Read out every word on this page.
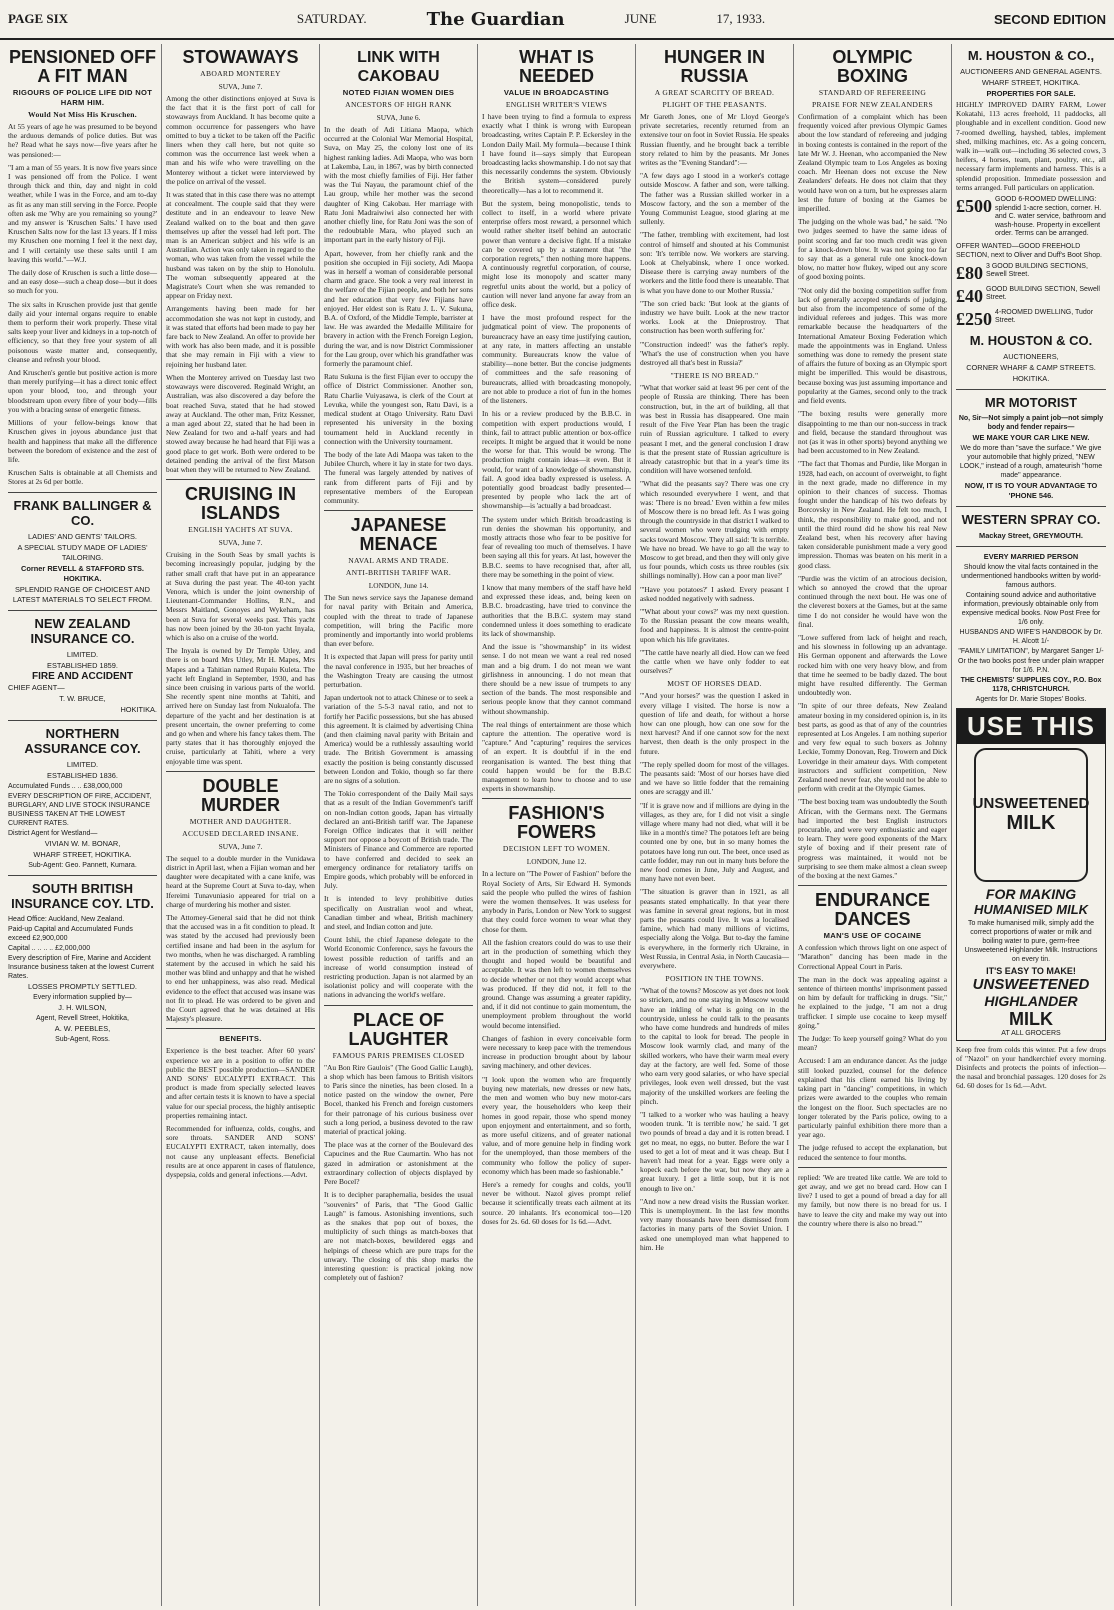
PAGE SIX	SATURDAY.	The Guardian	JUNE	17, 1933.	SECOND EDITION
PENSIONED OFF A FIT MAN
RIGOURS OF POLICE LIFE DID NOT HARM HIM.
Would Not Miss His Kruschen.

At 55 years of age he was presumed to be beyond the arduous demands of police duties. But was he? Read what he says now—five years after he was pensioned:—

"I am a man of 55 years. It is now five years since I was pensioned off from the Police. I went through thick and thin, day and night in cold weather, while I was in the Force, and am to-day as fit as any man still serving in the Force. People often ask me 'Why are you remaining so young?' and my answer is 'Kruschen Salts.' I have used Kruschen Salts now for the last 13 years. If I miss my Kruschen one morning I feel it the next day, and I will certainly use these salts until I am leaving this world."—W.J.

The daily dose of Kruschen is such a little dose—and an easy dose—such a cheap dose—but it does so much for you.

The six salts in Kruschen provide just that gentle daily aid your internal organs require to enable them to perform their work properly. These vital salts keep your liver and kidneys in a top-notch of efficiency, so that they free your system of all poisonous waste matter and, consequently, cleanse and refresh your blood.

And Kruschen's gentle but positive action is more than merely purifying—it has a direct tonic effect upon your blood, too, and through your bloodstream upon every fibre of your body—fills you with a bracing sense of energetic fitness.

Millions of your fellow-beings know that Kruschen gives in joyous abundance just that health and happiness that make all the difference between the boredom of existence and the zest of life.

Kruschen Salts is obtainable at all Chemists and Stores at 2s 6d per bottle.

FRANK BALLINGER & CO.
LADIES' AND GENTS' TAILORS.
A SPECIAL STUDY MADE OF LADIES' TAILORING.
Corner REVELL & STAFFORD STS. HOKITIKA.
SPLENDID RANGE OF CHOICEST AND LATEST MATERIALS TO SELECT FROM.
NEW ZEALAND INSURANCE CO.
LIMITED.
ESTABLISHED 1859.
FIRE AND ACCIDENT
CHIEF AGENT—
T. W. BRUCE,
HOKITIKA.
NORTHERN ASSURANCE COY.
LIMITED.
ESTABLISHED 1836.
Accumulated Funds .. .. £38,000,000
EVERY DESCRIPTION OF FIRE, ACCIDENT, BURGLARY, AND LIVE STOCK INSURANCE BUSINESS TAKEN AT THE LOWEST CURRENT RATES.
District Agent for Westland—
VIVIAN W. M. BONAR,
WHARF STREET, HOKITIKA.
Sub-Agent: Geo. Pannett, Kumara.
SOUTH BRITISH INSURANCE COY. LTD.
Head Office: Auckland, New Zealand.
Paid-up Capital and Accumulated Funds exceed £2,900,000
Capital .. .. .. .. £2,000,000
Every description of Fire, Marine and Accident Insurance business taken at the lowest Current Rates.
LOSSES PROMPTLY SETTLED.
Every information supplied by—
J. H. WILSON,
Agent, Revell Street, Hokitika,
A. W. PEEBLES,
Sub-Agent, Ross.
STOWAWAYS
ABOARD MONTEREY
SUVA, June 7.

Among the other distinctions enjoyed at Suva is the fact that it is the first port of call for stowaways from Auckland. It has become quite a common occurrence for passengers who have omitted to buy a ticket to be taken off the Pacific liners when they call here, but not quite so common was the occurrence last week when a man and his wife who were travelling on the Monterey without a ticket were interviewed by the police on arrival of the vessel.

It was stated that in this case there was no attempt at concealment. The couple said that they were destitute and in an endeavour to leave New Zealand walked on to the boat and then gave themselves up after the vessel had left port. The man is an American subject and his wife is an Australian. Action was only taken in regard to the woman, who was taken from the vessel while the husband was taken on by the ship to Honolulu. The woman subsequently appeared at the Magistrate's Court when she was remanded to appear on Friday next.

Arrangements having been made for her accommodation she was not kept in custody, and it was stated that efforts had been made to pay her fare back to New Zealand. An offer to provide her with work has also been made, and it is possible that she may remain in Fiji with a view to rejoining her husband later.

When the Monterey arrived on Tuesday last two stowaways were discovered. Reginald Wright, an Australian, was also discovered a day before the boat reached Suva, stated that he had stowed away at Auckland. The other man, Fritz Kessner, a man aged about 22, stated that he had been in New Zealand for two and a-half years and had stowed away because he had heard that Fiji was a good place to get work. Both were ordered to be detained pending the arrival of the first Matson boat when they will be returned to New Zealand.

CRUISING IN ISLANDS
ENGLISH YACHTS AT SUVA.
SUVA, June 7.

Cruising in the South Seas by small yachts is becoming increasingly popular, judging by the rather small craft that have put in an appearance at Suva during the past year. The 40-ton yacht Venora, which is under the joint ownership of Lieutenant-Commander Hollins, R.N., and Messrs Maitland, Gonoyes and Wykeham, has been at Suva for several weeks past. This yacht has now been joined by the 30-ton yacht Inyala, which is also on a cruise of the world.

The Inyala is owned by Dr Temple Utley, and there is on board Mrs Utley, Mr H. Mapes, Mrs Mapes and a Tahitian named Rupaiu Kuleta. The yacht left England in September, 1930, and has since been cruising in various parts of the world. She recently spent nine months at Tahiti, and arrived here on Sunday last from Nukualofa. The departure of the yacht and her destination is at present uncertain, the owner preferring to come and go when and where his fancy takes them. The party states that it has thoroughly enjoyed the cruise, particularly at Tahiti, where a very enjoyable time was spent.

DOUBLE MURDER
MOTHER AND DAUGHTER.
ACCUSED DECLARED INSANE.
SUVA, June 7.

The sequel to a double murder in the Vunidawa district in April last, when a Fijian woman and her daughter were decapitated with a cane knife, was heard at the Supreme Court at Suva to-day, when Ifereimi Tunavuniasio appeared for trial on a charge of murdering his mother and sister.

The Attorney-General said that he did not think that the accused was in a fit condition to plead. It was stated by the accused had previously been certified insane and had been in the asylum for two months, when he was discharged. A rambling statement by the accused in which he said his mother was blind and unhappy and that he wished to end her unhappiness, was also read. Medical evidence to the effect that accused was insane was not fit to plead. He was ordered to be given and the Court agreed that he was detained at His Majesty's pleasure.

BENEFITS.

Experience is the best teacher. After 60 years' experience we are in a position to offer to the public the BEST possible production—SANDER AND SONS' EUCALYPTI EXTRACT. This product is made from specially selected leaves and after certain tests it is known to have a special value for our special process, the highly antiseptic properties remaining intact.

Recommended for influenza, colds, coughs, and sore throats. SANDER AND SONS' EUCALYPTI EXTRACT, taken internally, does not cause any unpleasant effects. Beneficial results are at once apparent in cases of flatulence, dyspepsia, colds and general infections.—Advt.

LINK WITH CAKOBAU
NOTED FIJIAN WOMEN DIES
ANCESTORS OF HIGH RANK
SUVA, June 6.

In the death of Adi Litiana Maopa, which occurred at the Colonial War Memorial Hospital, Suva, on May 25, the colony lost one of its highest ranking ladies. Adi Maopa, who was born at Lakemba, Lau, in 1867, was by birth connected with the most chiefly families of Fiji. Her father was the Tui Nayau, the paramount chief of the Lau group, while her mother was the second daughter of King Cakobau. Her marriage with Ratu Joni Madraiwiwi also connected her with another chiefly line, for Ratu Joni was the son of the redoubtable Mara, who played such an important part in the early history of Fiji.

Apart, however, from her chiefly rank and the position she occupied in Fiji society, Adi Maopa was in herself a woman of considerable personal charm and grace. She took a very real interest in the welfare of the Fijian people, and both her sons and her education that very few Fijians have enjoyed. Her eldest son is Ratu J. L. V. Sukuna, B.A. of Oxford, of the Middle Temple, barrister at law. He was awarded the Medaille Militaire for bravery in action with the French Foreign Legion, during the war, and is now District Commissioner for the Lau group, over which his grandfather was formerly the paramount chief.

Ratu Sukuna is the first Fijian ever to occupy the office of District Commissioner. Another son, Ratu Charlie Vuiyasawa, is clerk of the Court at Levuka, while the youngest son, Ratu Davi, is a medical student at Otago University. Ratu Davi represented his university in the boxing tournament held in Auckland recently in connection with the University tournament.

The body of the late Adi Maopa was taken to the Jubilee Church, where it lay in state for two days. The funeral was largely attended by natives of rank from different parts of Fiji and by representative members of the European community.

JAPANESE MENACE
NAVAL ARMS AND TRADE.
ANTI-BRITISH TARIFF WAR.
LONDON, June 14.

The Sun news service says the Japanese demand for naval parity with Britain and America, coupled with the threat to trade of Japanese competition, will bring the Pacific more prominently and importantly into world problems than ever before.

It is expected that Japan will press for parity until the naval conference in 1935, but her breaches of the Washington Treaty are causing the utmost perturbation.

Japan undertook not to attack Chinese or to seek a variation of the 5-5-3 naval ratio, and not to fortify her Pacific possessions, but she has abused this agreement. It is claimed by advertising China (and then claiming naval parity with Britain and America) would be a ruthlessly assaulting world trade. The British Government is amassing exactly the position is being constantly discussed between London and Tokio, though so far there are no signs of a solution.

The Tokio correspondent of the Daily Mail says that as a result of the Indian Government's tariff on non-Indian cotton goods, Japan has virtually declared an anti-British tariff war. The Japanese Foreign Office indicates that it will neither support nor oppose a boycott of British trade. The Ministers of Finance and Commerce are reported to have conferred and decided to seek an emergency ordinance for retaliatory tariffs on Empire goods, which probably will be enforced in July.

It is intended to levy prohibitive duties specifically on Australian wool and wheat, Canadian timber and wheat, British machinery and steel, and Indian cotton and jute.

Count Ishii, the chief Japanese delegate to the World Economic Conference, says he favours the lowest possible reduction of tariffs and an increase of world consumption instead of restricting production. Japan is not alarmed by an isolationist policy and will cooperate with the nations in advancing the world's welfare.

PLACE OF LAUGHTER
FAMOUS PARIS PREMISES CLOSED

"Au Bon Rire Gaulois" (The Good Gallic Laugh), a shop which has been famous to British visitors to Paris since the nineties, has been closed. In a notice pasted on the window the owner, Pere Bocel, thanked his French and foreign customers for their patronage of his curious business over such a long period, a business devoted to the raw material of practical joking.

The place was at the corner of the Boulevard des Capucines and the Rue Caumartin. Who has not gazed in admiration or astonishment at the extraordinary collection of objects displayed by Pere Bocel?

It is to decipher paraphernalia, besides the usual "souvenirs" of Paris, that "The Good Gallic Laugh" is famous. Astonishing inventions, such as the snakes that pop out of boxes, the multiplicity of such things as match-boxes that are not match-boxes, bewildered eggs and helpings of cheese which are pure traps for the unwary. The closing of this shop marks the interesting question: is practical joking now completely out of fashion?

WHAT IS NEEDED
VALUE IN BROADCASTING
ENGLISH WRITER'S VIEWS

I have been trying to find a formula to express exactly what I think is wrong with European broadcasting, writes Captain P. P. Eckersley in the London Daily Mail. My formula—because I think I have found it—says simply that European broadcasting lacks showmanship. I do not say that this necessarily condemns the system. Obviously the British system—considered purely theoretically—has a lot to recommend it.

But the system, being monopolistic, tends to collect to itself, in a world where private enterprise offers most reward, a personnel which would rather shelter itself behind an autocratic power than venture a decisive fight. If a mistake can be covered up by a statement that "the corporation regrets," then nothing more happens. A continuously regretful corporation, of course, might lose its monopoly and scatter many regretful units about the world, but a policy of caution will never land anyone far away from an office desk.

I have the most profound respect for the judgmatical point of view. The proponents of bureaucracy have an easy time justifying caution, at any rate, in matters affecting an unstable community. Bureaucrats know the value of stability—none better. But the concise judgments of committees and the safe reasoning of bureaucrats, allied with broadcasting monopoly, are not able to produce a riot of fun in the homes of the listeners.

In his or a review produced by the B.B.C. in competition with expert productions would, I think, fail to attract public attention or box-office receipts. It might be argued that it would be none the worse for that. This would be wrong. The production might contain ideas—it even. But it would, for want of a knowledge of showmanship, fail. A good idea badly expressed is useless. A potentially good broadcast badly presented—presented by people who lack the art of showmanship—is 'actually a bad broadcast.

The system under which British broadcasting is run denies the showman his opportunity, and mostly attracts those who fear to be positive for fear of revealing too much of themselves. I have been saying all this for years. At last, however the B.B.C. seems to have recognised that, after all, there may be something in the point of view.

I know that many members of the staff have held and expressed these ideas, and, being keen on B.B.C. broadcasting, have tried to convince the authorities that the B.B.C. system may stand condemned unless it does something to eradicate its lack of showmanship.

And the issue is "showmanship" in its widest sense. I do not mean we want a real red nosed man and a big drum. I do not mean we want girlishness in announcing. I do not mean that there should be a new issue of trumpets to any section of the bands. The most responsible and serious people know that they cannot command without showmanship.

The real things of entertainment are those which capture the attention. The operative word is "capture." And "capturing" requires the services of an expert. It is doubtful if in the end reorganisation is wanted. The best thing that could happen would be for the B.B.C management to learn how to choose and to use experts in showmanship.

FASHION'S FOWERS
DECISION LEFT TO WOMEN.
LONDON, June 12.

In a lecture on "The Power of Fashion" before the Royal Society of Arts, Sir Edward H. Symonds said the people who pulled the wires of fashion were the women themselves. It was useless for anybody in Paris, London or New York to suggest that they could force women to wear what they chose for them.

All the fashion creators could do was to use their art in the production of something which they thought and hoped would be beautiful and acceptable. It was then left to women themselves to decide whether or not they would accept what was produced. If they did not, it fell to the ground. Change was assuming a greater rapidity, and, if it did not continue to gain momentum, the unemployment problem throughout the world would become intensified.

Changes of fashion in every conceivable form were necessary to keep pace with the tremendous increase in production brought about by labour saving machinery, and other devices.

"I look upon the women who are frequently buying new materials, new dresses or new hats, the men and women who buy new motor-cars every year, the householders who keep their homes in good repair, those who spend money upon enjoyment and entertainment, and so forth, as more useful citizens, and of greater national value, and of more genuine help in finding work for the unemployed, than those members of the community who follow the policy of super-economy which has been made so fashionable."

Here's a remedy for coughs and colds, you'll never be without. Nazol gives prompt relief because it scientifically treats each ailment at its source. 20 inhalants. It's economical too—120 doses for 2s. 6d. 60 doses for 1s 6d.—Advt.

HUNGER IN RUSSIA
A GREAT SCARCITY OF BREAD.
PLIGHT OF THE PEASANTS.

Mr Gareth Jones, one of Mr Lloyd George's private secretaries, recently returned from an extensive tour on foot in Soviet Russia. He speaks Russian fluently, and he brought back a terrible story related to him by the peasants. Mr Jones writes as the "Evening Standard":—

"A few days ago I stood in a worker's cottage outside Moscow. A father and son, were talking. The father was a Russian skilled worker in a Moscow factory, and the son a member of the Young Communist League, stood glaring at me sullenly.

"The father, trembling with excitement, had lost control of himself and shouted at his Communist son: 'It's terrible now. We workers are starving. Look at Chelyabinsk, where I once worked. Disease there is carrying away numbers of the workers and the little food there is uneatable. That is what you have done to our Mother Russia.'

"The son cried back: 'But look at the giants of industry we have built. Look at the new tractor works. Look at the Dnieprostroy. That construction has been worth suffering for.'

"'Construction indeed!' was the father's reply. 'What's the use of construction when you have destroyed all that's best in Russia?'

"THERE IS NO BREAD."

"What that worker said at least 96 per cent of the people of Russia are thinking. There has been construction, but, in the art of building, all that was best in Russia has disappeared. One main result of the Five Year Plan has been the tragic ruin of Russian agriculture. I talked to every peasant I met, and the general conclusion I draw is that the present state of Russian agriculture is already catastrophic but that in a year's time its condition will have worsened tenfold.

"What did the peasants say? There was one cry which resounded everywhere I went, and that was: 'There is no bread.' Even within a few miles of Moscow there is no bread left. As I was going through the countryside in that district I walked to several women who were trudging with empty sacks toward Moscow. They all said: 'It is terrible. We have no bread. We have to go all the way to Moscow to get bread, and then they will only give us four pounds, which costs us three roubles (six shillings nominally). How can a poor man live?'

"'Have you potatoes?' I asked. Every peasant I asked nodded negatively with sadness.

"'What about your cows?' was my next question. To the Russian peasant the cow means wealth, food and happiness. It is almost the centre-point upon which his life gravitates.

"'The cattle have nearly all died. How can we feed the cattle when we have only fodder to eat ourselves?'

MOST OF HORSES DEAD.

"'And your horses?' was the question I asked in every village I visited. The horse is now a question of life and death, for without a horse how can one plough, how can one sow for the next harvest? And if one cannot sow for the next harvest, then death is the only prospect in the future.

"The reply spelled doom for most of the villages. The peasants said: 'Most of our horses have died and we have so little fodder that the remaining ones are scraggy and ill.'

"If it is grave now and if millions are dying in the villages, as they are, for I did not visit a single village where many had not died, what will it be like in a month's time? The potatoes left are being counted one by one, but in so many homes the potatoes have long run out. The beet, once used as cattle fodder, may run out in many huts before the new food comes in June, July and August, and many have not even beet.

"The situation is graver than in 1921, as all peasants stated emphatically. In that year there was famine in several great regions, but in most parts the peasants could live. It was a localised famine, which had many millions of victims, especially along the Volga. But to-day the famine is everywhere, in the formerly rich Ukraine, in West Russia, in Central Asia, in North Caucasia—everywhere.

POSITION IN THE TOWNS.

"What of the towns? Moscow as yet does not look so stricken, and no one staying in Moscow would have an inkling of what is going on in the countryside, unless he could talk to the peasants who have come hundreds and hundreds of miles to the capital to look for bread. The people in Moscow look warmly clad, and many of the skilled workers, who have their warm meal every day at the factory, are well fed. Some of those who earn very good salaries, or who have special privileges, look even well dressed, but the vast majority of the unskilled workers are feeling the pinch.

"I talked to a worker who was hauling a heavy wooden trunk. 'It is terrible now,' he said. 'I get two pounds of bread a day and it is rotten bread. I get no meat, no eggs, no butter. Before the war I used to get a lot of meat and it was cheap. But I haven't had meat for a year. Eggs were only a kopeck each before the war, but now they are a great luxury. I get a little soup, but it is not enough to live on.'

"And now a new dread visits the Russian worker. This is unemployment. In the last few months very many thousands have been dismissed from factories in many parts of the Soviet Union. I asked one unemployed man what happened to him. He

OLYMPIC BOXING
STANDARD OF REFEREEING
PRAISE FOR NEW ZEALANDERS

Confirmation of a complaint which has been frequently voiced after previous Olympic Games about the low standard of refereeing and judging in boxing contests is contained in the report of the late Mr W. J. Heenan, who accompanied the New Zealand Olympic team to Los Angeles as boxing coach. Mr Heenan does not excuse the New Zealanders' defeats. He does not claim that they would have won on a turn, but he expresses alarm lest the future of boxing at the Games be imperilled.

The judging on the whole was bad," he said. "No two judges seemed to have the same ideas of point scoring and far too much credit was given for a knock-down blow. It was not going too far to say that as a general rule one knock-down blow, no matter how flukey, wiped out any score of good boxing points.

"Not only did the boxing competition suffer from lack of generally accepted standards of judging, but also from the incompetence of some of the individual referees and judges. This was more remarkable because the headquarters of the International Amateur Boxing Federation which made the appointments was in England. Unless something was done to remedy the present state of affairs the future of boxing as an Olympic sport might be imperilled. This would be disastrous, because boxing was just assuming importance and popularity at the Games, second only to the track and field events.

"The boxing results were generally more disappointing to me than our non-success in track and field, because the standard throughout was not (as it was in other sports) beyond anything we had been accustomed to in New Zealand.

"The fact that Thomas and Purdie, like Morgan in 1928, had each, on account of overweight, to fight in the next grade, made no difference in my opinion to their chances of success. Thomas fought under the handicap of his two defeats by Borcovsky in New Zealand. He felt too much, I think, the responsibility to make good, and not until the third round did he show his real New Zealand best, when his recovery after having taken considerable punishment made a very good impression. Thomas was beaten on his merit in a good class.

"Purdie was the victim of an atrocious decision, which so annoyed the crowd that the uproar continued through the next bout. He was one of the cleverest boxers at the Games, but at the same time I do not consider he would have won the final.

"Lowe suffered from lack of height and reach, and his slowness in following up an advantage. His German opponent and afterwards the Lowe rocked him with one very heavy blow, and from that time he seemed to be badly dazed. The bout might have resulted differently. The German undoubtedly won.

"In spite of our three defeats, New Zealand amateur boxing in my considered opinion is, in its best parts, as good as that of any of the countries represented at Los Angeles. I am nothing superior and very few equal to such boxers as Johnny Leckie, Tommy Donovan, Reg. Trowern and Dick Loveridge in their amateur days. With competent instructors and sufficient competition, New Zealand need never fear, she would not be able to perform with credit at the Olympic Games.

"The best boxing team was undoubtedly the South African, with the Germans next. The Germans had imported the best English instructors procurable, and were very enthusiastic and eager to learn. They were good exponents of the Marx style of boxing and if their present rate of progress was maintained, it would not be surprising to see them make almost a clean sweep of the boxing at the next Games."

ENDURANCE DANCES
MAN'S USE OF COCAINE

A confession which throws light on one aspect of "Marathon" dancing has been made in the Correctional Appeal Court in Paris.

The man in the dock was appealing against a sentence of thirteen months' imprisonment passed on him by default for trafficking in drugs. "Sir," he explained to the judge, "I am not a drug trafficker. I simple use cocaine to keep myself going."

The Judge: To keep yourself going? What do you mean?

Accused: I am an endurance dancer. As the judge still looked puzzled, counsel for the defence explained that his client earned his living by taking part in "dancing" competitions, in which prizes were awarded to the couples who remain the longest on the floor. Such spectacles are no longer tolerated by the Paris police, owing to a particularly painful exhibition there more than a year ago.

The judge refused to accept the explanation, but reduced the sentence to four months.

replied: 'We are treated like cattle. We are told to get away, and we get no bread card. How can I live? I used to get a pound of bread a day for all my family, but now there is no bread for us. I have to leave the city and make my way out into the country where there is also no bread.'"

M. HOUSTON & CO.,
AUCTIONEERS AND GENERAL AGENTS.
WHARF STREET, HOKITIKA.
PROPERTIES FOR SALE.

HIGHLY IMPROVED DAIRY FARM, Lower Kokatahi, 113 acres freehold, 11 paddocks, all ploughable and in excellent condition. Good new 7-roomed dwelling, hayshed, tables, implement shed, milking machines, etc. As a going concern, walk in—walk out—including 36 selected cows, 3 heifers, 4 horses, team, plant, poultry, etc., all necessary farm implements and harness. This is a splendid proposition. Immediate possession and terms arranged. Full particulars on application.

£500 GOOD 6-ROOMED DWELLING: splendid 1-acre section, corner. H. and C. water service, bathroom and wash-house. Property in excellent order. Terms can be arranged.
OFFER WANTED—GOOD FREEHOLD SECTION, next to Oliver and Duff's Boot Shop.
£80 3 GOOD BUILDING SECTIONS, Sewell Street.
£40 GOOD BUILDING SECTION, Sewell Street.
£250 4-ROOMED DWELLING, Tudor Street.
M. HOUSTON & CO.
AUCTIONEERS,
CORNER WHARF & CAMP STREETS.
HOKITIKA.
MR MOTORIST
No, Sir—Not simply a paint job—not simply body and fender repairs—
WE MAKE YOUR CAR LIKE NEW.
We do more than "save the surface." We give your automobile that highly prized, "NEW LOOK," instead of a rough, amateurish "home made" appearance.
NOW, IT IS TO YOUR ADVANTAGE TO 'PHONE 546.
WESTERN SPRAY CO.
Mackay Street, GREYMOUTH.
EVERY MARRIED PERSON
Should know the vital facts contained in the undermentioned handbooks written by world-famous authors.
Containing sound advice and authoritative information, previously obtainable only from expensive medical books. Now Post Free for 1/6 only.
HUSBANDS AND WIFE'S HANDBOOK by Dr. H. Alcott 1/-
"FAMILY LIMITATION", by Margaret Sanger 1/-
Or the two books post free under plain wrapper for 1/6. P.N.
THE CHEMISTS' SUPPLIES COY., P.O. Box 1178, CHRISTCHURCH.
Agents for Dr. Marie Stopes' Books.
USE THIS
UNSWEETENED
MILK
FOR MAKING
HUMANISED MILK
To make humanised milk, simply add the correct proportions of water or milk and boiling water to pure, germ-free Unsweetened Highlander Milk. Instructions on every tin.
IT'S EASY TO MAKE!
UNSWEETENED
HIGHLANDER
MILK
AT ALL GROCERS

Keep free from colds this winter. Put a few drops of "Nazol" on your handkerchief every morning. Disinfects and protects the points of infection—the nasal and bronchial passages. 120 doses for 2s 6d. 60 doses for 1s 6d.—Advt.
